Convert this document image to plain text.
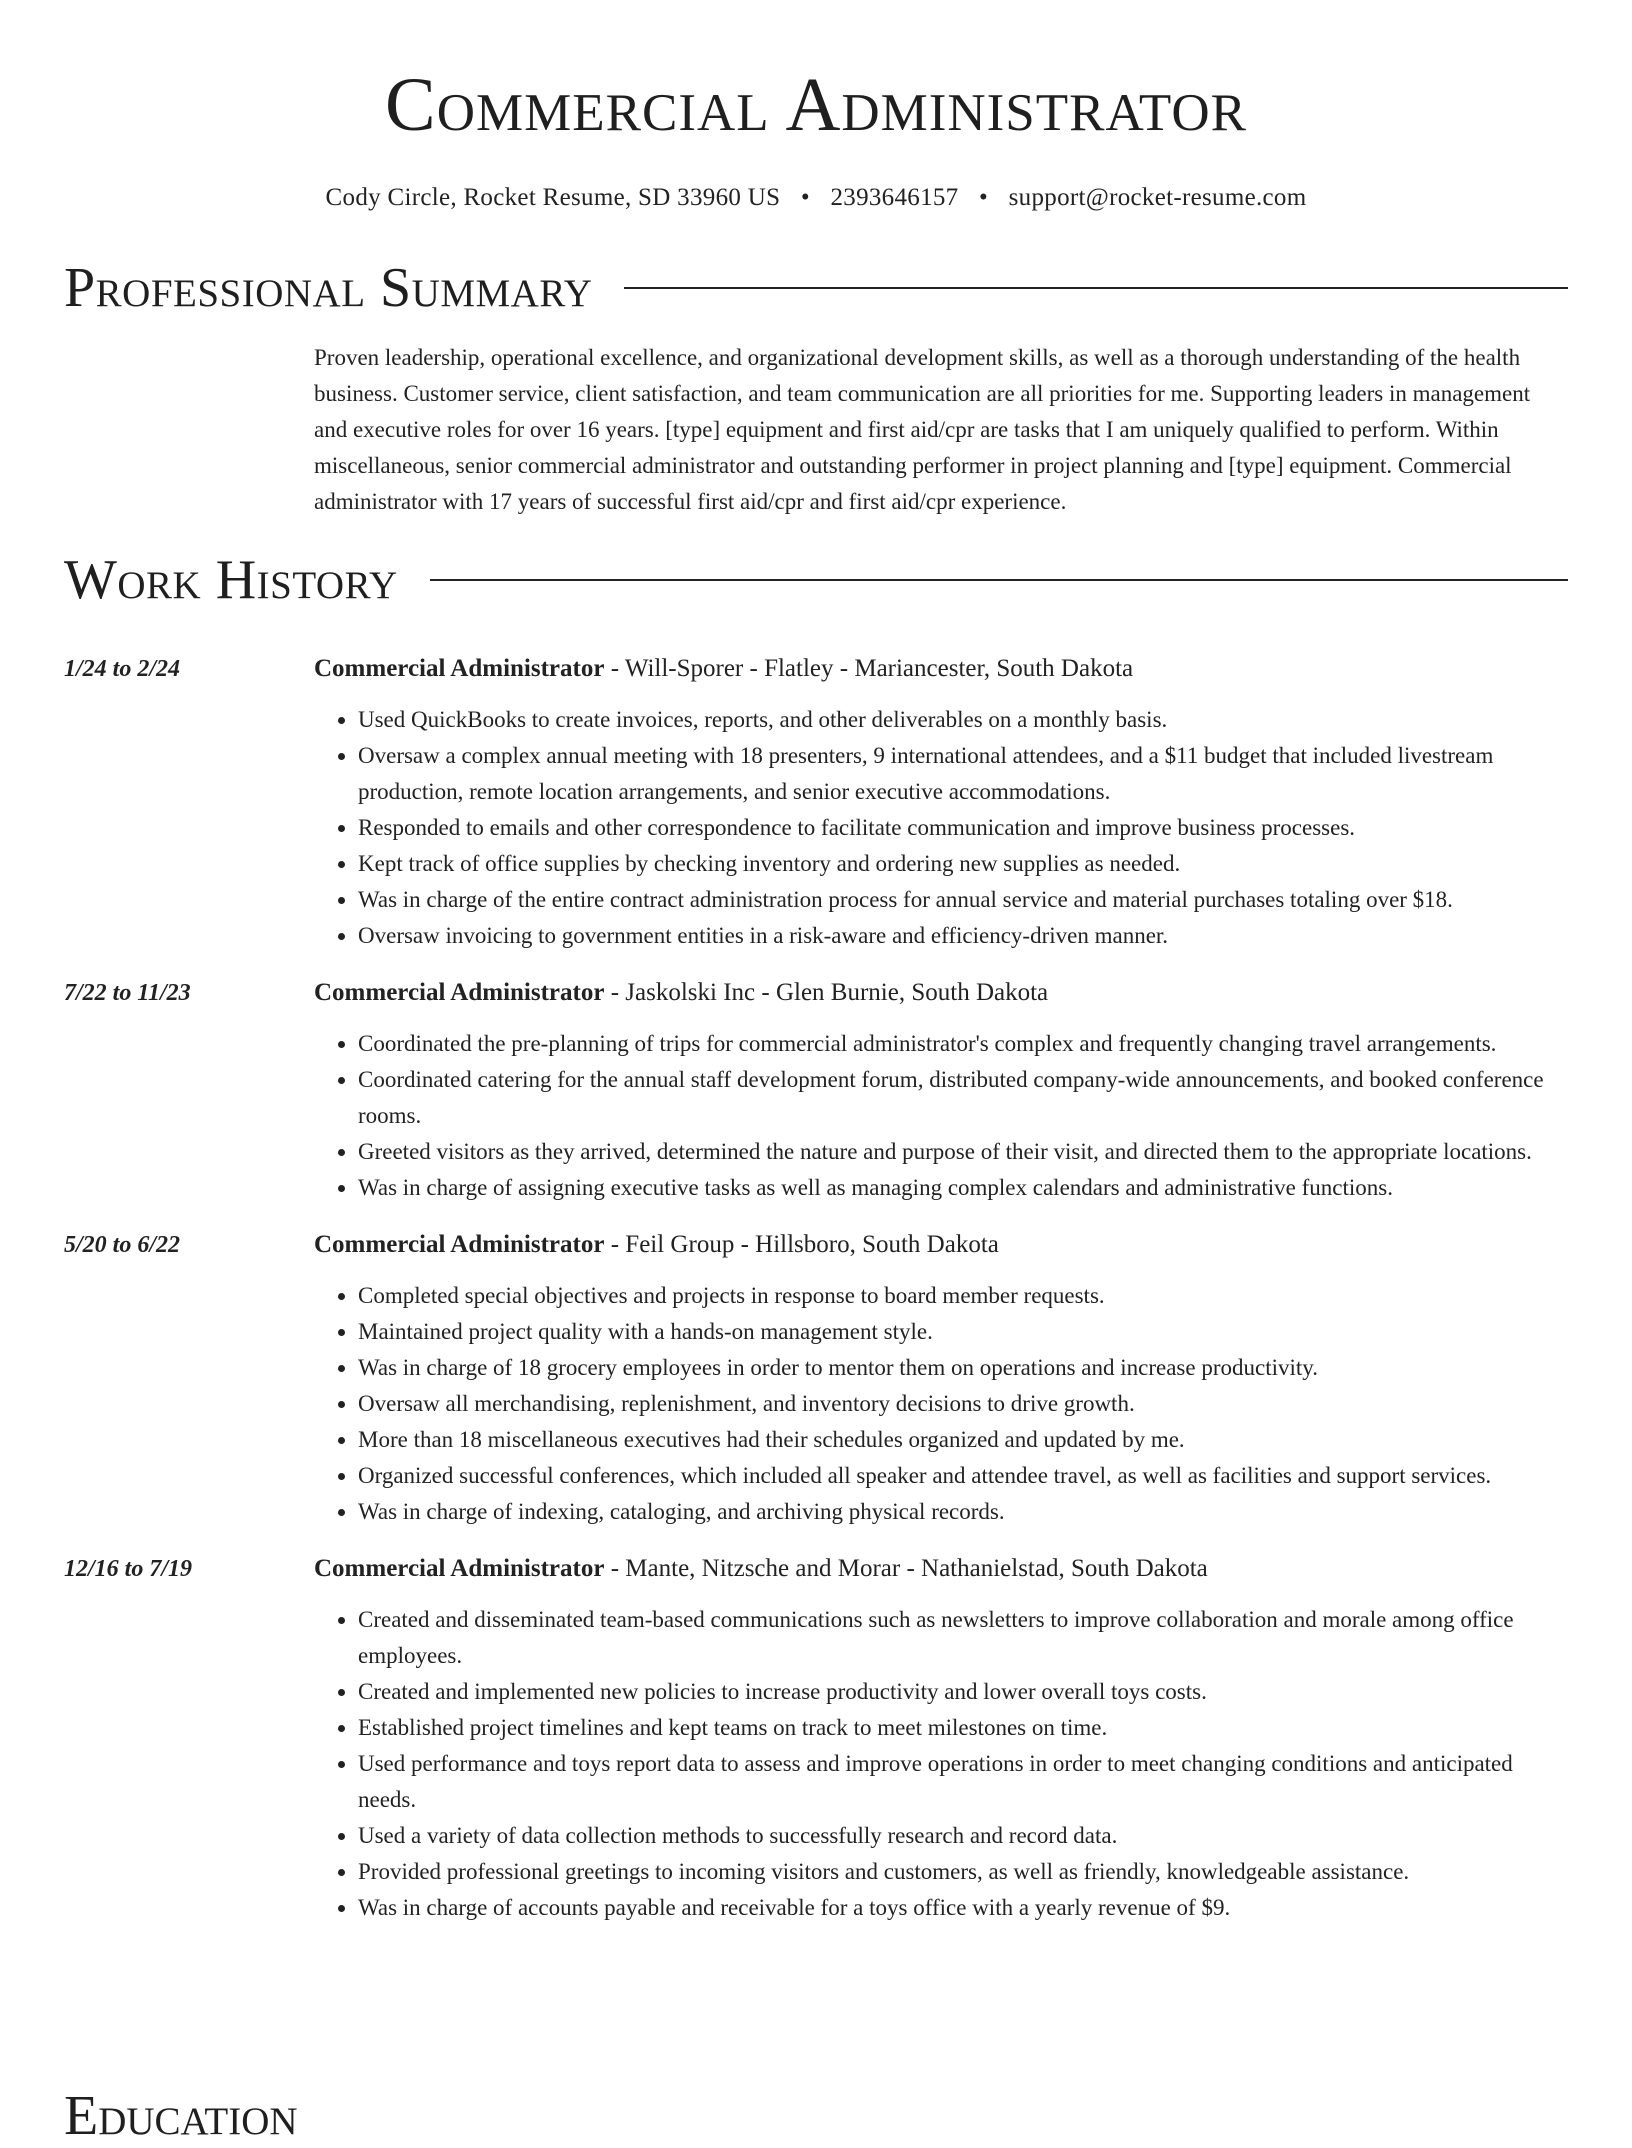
Commercial Administrator
Cody Circle, Rocket Resume, SD 33960 US • 2393646157 • support@rocket-resume.com
Professional Summary
Proven leadership, operational excellence, and organizational development skills, as well as a thorough understanding of the health business. Customer service, client satisfaction, and team communication are all priorities for me. Supporting leaders in management and executive roles for over 16 years. [type] equipment and first aid/cpr are tasks that I am uniquely qualified to perform. Within miscellaneous, senior commercial administrator and outstanding performer in project planning and [type] equipment. Commercial administrator with 17 years of successful first aid/cpr and first aid/cpr experience.
Work History
1/24 to 2/24	Commercial Administrator - Will-Sporer - Flatley - Mariancester, South Dakota
• Used QuickBooks to create invoices, reports, and other deliverables on a monthly basis.
• Oversaw a complex annual meeting with 18 presenters, 9 international attendees, and a $11 budget that included livestream production, remote location arrangements, and senior executive accommodations.
• Responded to emails and other correspondence to facilitate communication and improve business processes.
• Kept track of office supplies by checking inventory and ordering new supplies as needed.
• Was in charge of the entire contract administration process for annual service and material purchases totaling over $18.
• Oversaw invoicing to government entities in a risk-aware and efficiency-driven manner.
7/22 to 11/23	Commercial Administrator - Jaskolski Inc - Glen Burnie, South Dakota
• Coordinated the pre-planning of trips for commercial administrator's complex and frequently changing travel arrangements.
• Coordinated catering for the annual staff development forum, distributed company-wide announcements, and booked conference rooms.
• Greeted visitors as they arrived, determined the nature and purpose of their visit, and directed them to the appropriate locations.
• Was in charge of assigning executive tasks as well as managing complex calendars and administrative functions.
5/20 to 6/22	Commercial Administrator - Feil Group - Hillsboro, South Dakota
• Completed special objectives and projects in response to board member requests.
• Maintained project quality with a hands-on management style.
• Was in charge of 18 grocery employees in order to mentor them on operations and increase productivity.
• Oversaw all merchandising, replenishment, and inventory decisions to drive growth.
• More than 18 miscellaneous executives had their schedules organized and updated by me.
• Organized successful conferences, which included all speaker and attendee travel, as well as facilities and support services.
• Was in charge of indexing, cataloging, and archiving physical records.
12/16 to 7/19	Commercial Administrator - Mante, Nitzsche and Morar - Nathanielstad, South Dakota
• Created and disseminated team-based communications such as newsletters to improve collaboration and morale among office employees.
• Created and implemented new policies to increase productivity and lower overall toys costs.
• Established project timelines and kept teams on track to meet milestones on time.
• Used performance and toys report data to assess and improve operations in order to meet changing conditions and anticipated needs.
• Used a variety of data collection methods to successfully research and record data.
• Provided professional greetings to incoming visitors and customers, as well as friendly, knowledgeable assistance.
• Was in charge of accounts payable and receivable for a toys office with a yearly revenue of $9.
Education
